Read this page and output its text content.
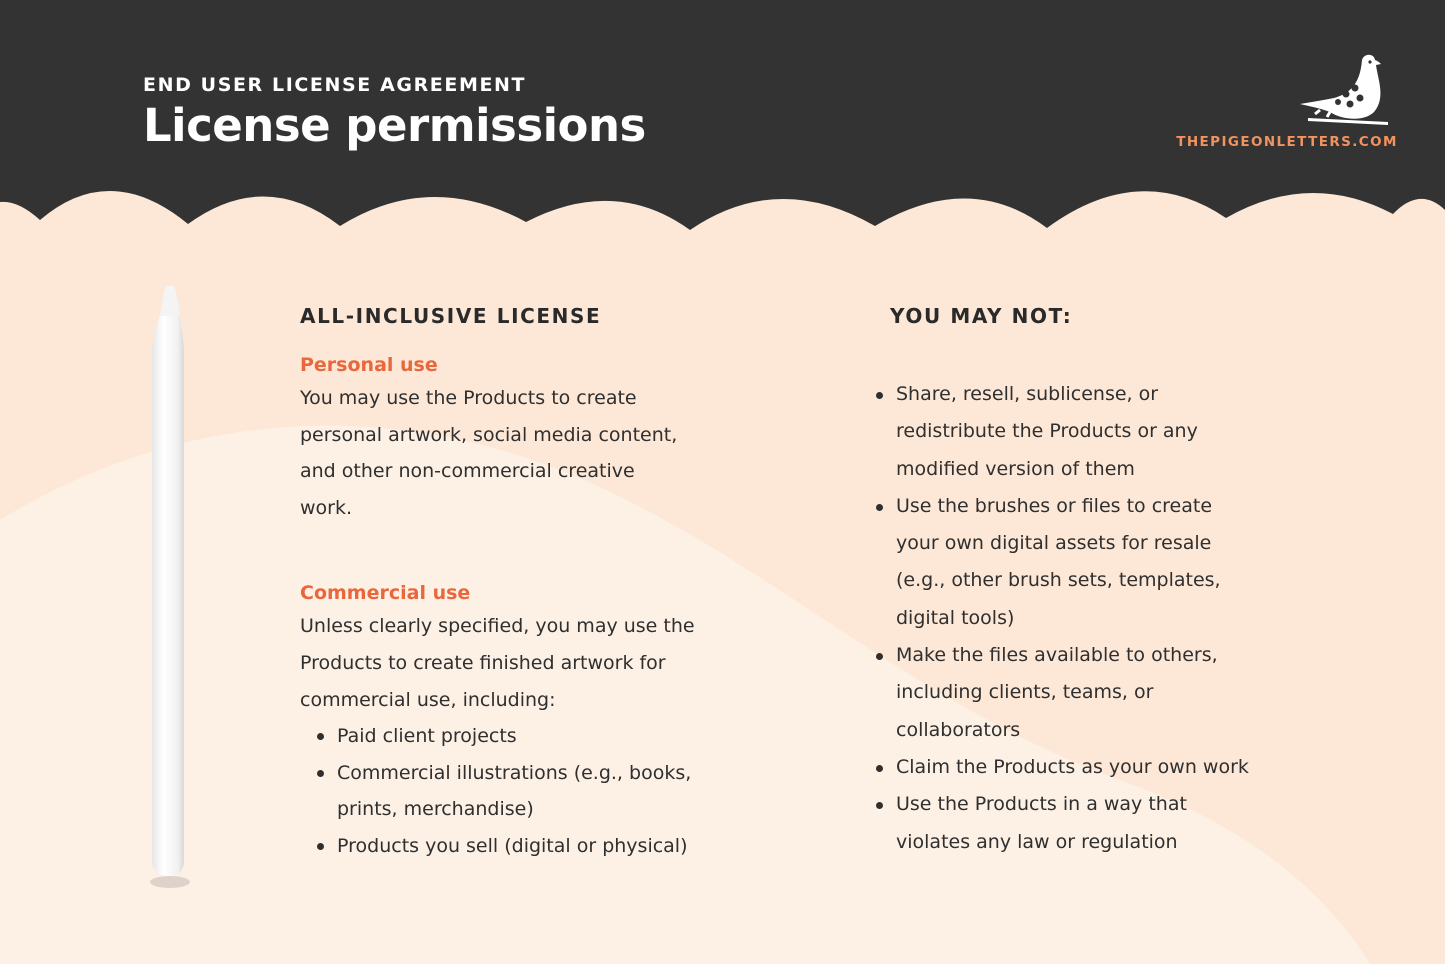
END USER LICENSE AGREEMENT

License permissions	THEPIGEONLETTERS.COM

ALL-INCLUSIVE LICENSE

Personal use

You may use the Products to create

personal artwork, social media content,

and other non-commercial creative

work.

Commercial use

Unless clearly specified, you may use the

Products to create finished artwork for

commercial use, including:

Paid client projects
Commercial illustrations (e.g., books,
prints, merchandise)
Products you sell (digital or physical)

YOU MAY NOT:

Share, resell, sublicense, or
redistribute the Products or any
modified version of them
Use the brushes or files to create
your own digital assets for resale
(e.g., other brush sets, templates,
digital tools)
Make the files available to others,
including clients, teams, or
collaborators
Claim the Products as your own work
Use the Products in a way that
violates any law or regulation
